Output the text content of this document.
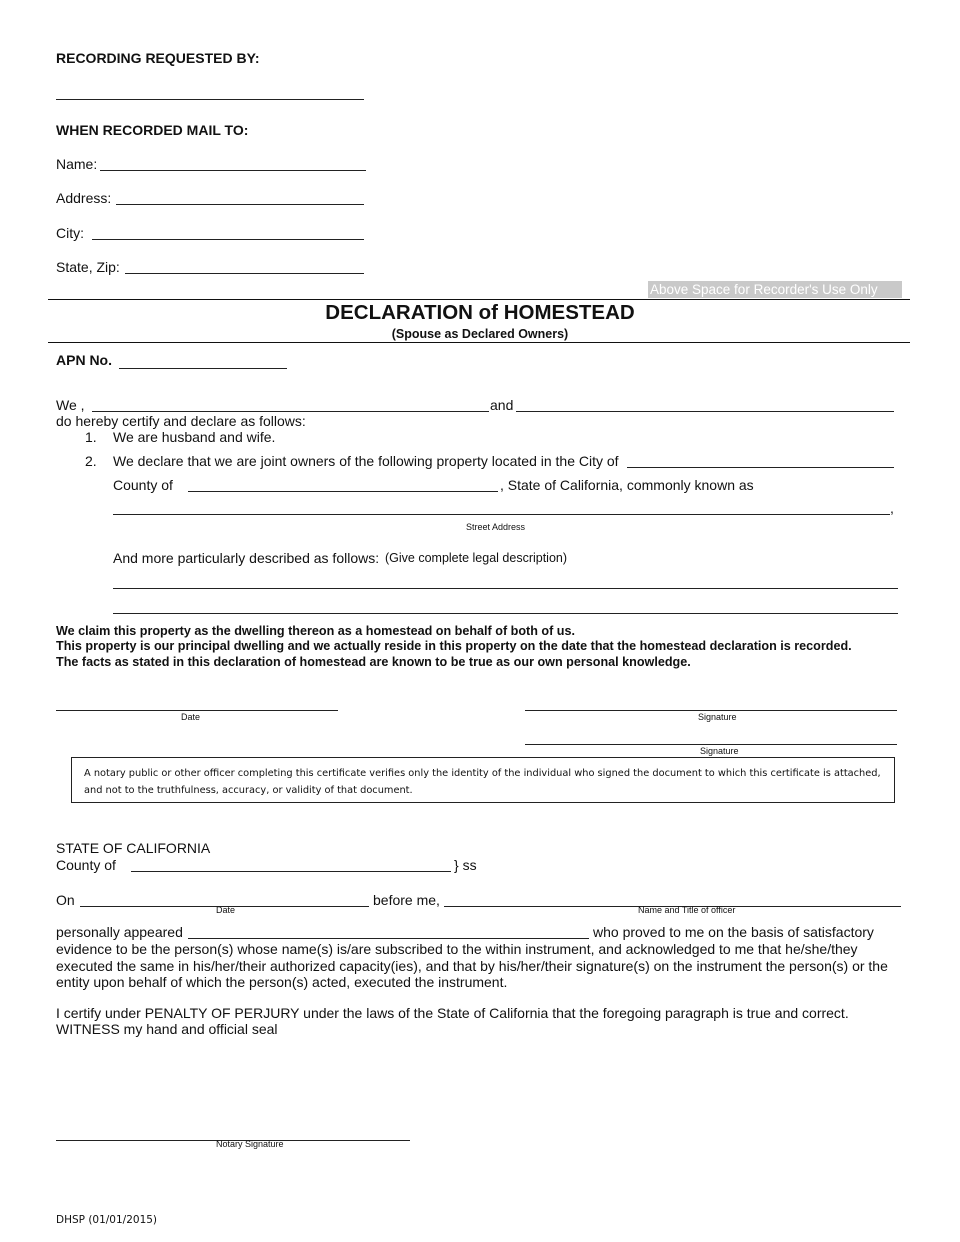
RECORDING REQUESTED BY:
WHEN RECORDED MAIL TO:
Name:
Address:
City:
State, Zip:
Above Space for Recorder's Use Only
DECLARATION of HOMESTEAD
(Spouse as Declared Owners)
APN No.
We ,	and
do hereby certify and declare as follows:
1. We are husband and wife.
2. We declare that we are joint owners of the following property located in the City of
County of	, State of California, commonly known as
,
Street Address
And more particularly described as follows: (Give complete legal description)
We claim this property as the dwelling thereon as a homestead on behalf of both of us.
This property is our principal dwelling and we actually reside in this property on the date that the homestead declaration is recorded.
The facts as stated in this declaration of homestead are known to be true as our own personal knowledge.
Date	Signature
Signature
A notary public or other officer completing this certificate verifies only the identity of the individual who signed the document to which this certificate is attached, and not to the truthfulness, accuracy, or validity of that document.
STATE OF CALIFORNIA
County of	} ss
On
Date
before me,
Name and Title of officer
personally appeared	who proved to me on the basis of satisfactory
evidence to be the person(s) whose name(s) is/are subscribed to the within instrument, and acknowledged to me that he/she/they executed the same in his/her/their authorized capacity(ies), and that by his/her/their signature(s) on the instrument the person(s) or the entity upon behalf of which the person(s) acted, executed the instrument.
I certify under PENALTY OF PERJURY under the laws of the State of California that the foregoing paragraph is true and correct.
WITNESS my hand and official seal
Notary Signature
DHSP (01/01/2015)
